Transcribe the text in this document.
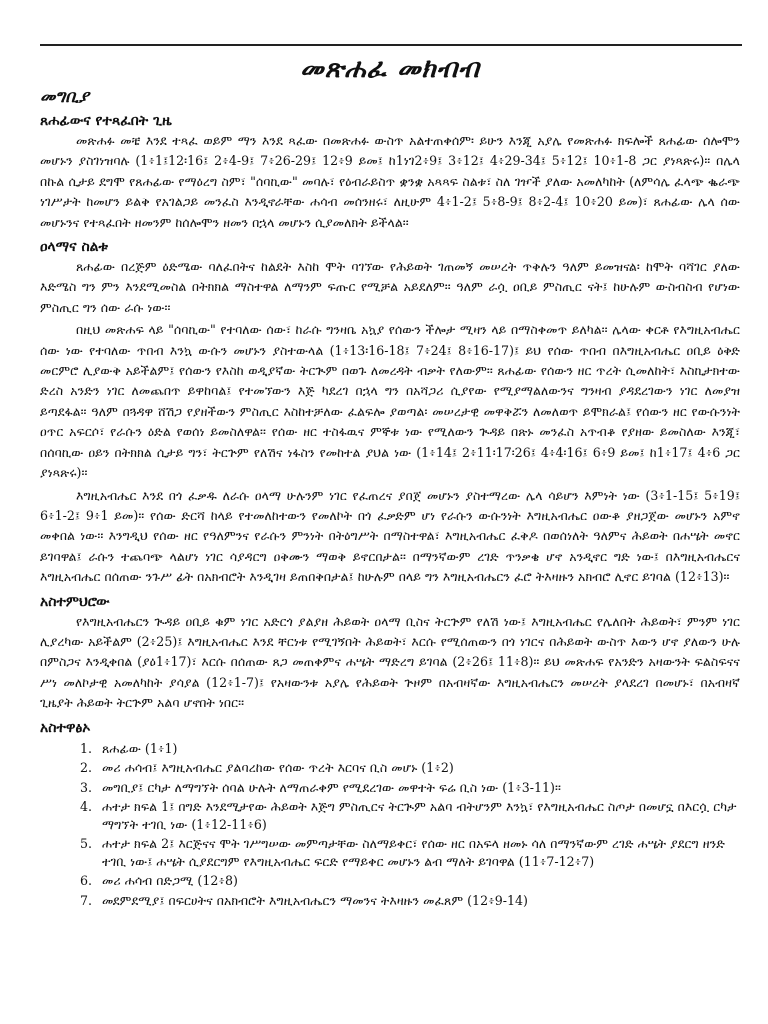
መጽሐፈ መክብብ
መግቢያ
ጸሐፊውና የተጻፈበት ጊዜ

መጽሐፉ መቼ እንደ ተጻፈ ወይም ማን እንደ ጻፈው በመጽሐፉ ውስጥ አልተጠቀሰም፡ ይሁን እንጂ አያሌ የመጽሐፉ ክፍሎች ጸሐፊው ሰሎሞን መሆኑን ያስገነዝባሉ (1፥1፤12፡16፤ 2፥4-9፤ 7፥26-29፤ 12፥9 ይመ፤ ከ1ነገ2፥9፤ 3፥12፤ 4፥29-34፤ 5፥12፤ 10፥1-8 ጋር ያነጻጽሩ)፡፡ በሌላ በኩል ሲታይ ደግሞ የጸሐፊው የማዕረግ ስም፣ "ሰባኪው" መባሉ፣ የዕብራይስጥ ቋንቋ አጻጻፍ ስልቱ፣ ስለ ገዦች ያለው አመለካከት (ለምሳሌ ፈላጭ ቈራጭ ነገሥታት ከመሆን ይልቅ የአገልጋይ መንፈስ እንዲኖራቸው ሐሳብ መሰንዘሩ፣ ለዚሁም 4፥1-2፤ 5፥8-9፤ 8፥2-4፤ 10፥20 ይመ)፣ ጸሐፊው ሌላ ሰው መሆኑንና የተጻፈበት ዘመንም ከሰሎሞን ዘመን በኋላ መሆኑን ሲያመለክት ይችላል፡፡

ዐላማና ስልቱ

ጸሐፊው በረጅም ዕድሜው ባለፈበትና ከልደት እስከ ሞት ባገኘው የሕይወት ገጠመኝ መሠረት ጥቅሉን ዓለም ይመዝናል፡ ከሞት ባሻገር ያለው እድሜስ ግን ምን እንደሚመስል በትክክል ማስተዋል ለማንም ፍጡር የሚቻል አይደለም፡፡ ዓለም ራሷ ዐቢይ ምስጢር ናት፤ ከሁሉም ውስብስብ የሆነው ምስጢር ግን ሰው ራሱ ነው፡፡

በዚህ መጽሐፍ ላይ "ሰባኪው" የተባለው ሰው፣ ከራሱ ግንዛቤ አኳያ የሰውን ችሎታ ሚዛን ላይ በማስቀመጥ ይለካል፡፡ ሌላው ቀርቶ የእግዚአብሔር ሰው ነው የተባለው ጥበብ እንኳ ውሱን መሆኑን ያስተውላል (1፥13፡16-18፤ 7፥24፤ 8፥16-17)፤ ይህ የሰው ጥበብ በእግዚአብሔር ዐቢይ ዕቅድ መርምሮ ሊያውቅ አይችልም፤ የሰውን የእስከ ወዲያኛው ትርጒም በወጉ ለመረዳት ብቃት የለውም፡፡ ጸሐፊው የሰውን ዘር ጥረት ሲመለከት፣ እስኪታክተው ድረስ አንድን ነገር ለመጨበጥ ይዋከባል፤ የተመኘውን እጅ ካደረገ በኋላ ግን በአሻጋሪ ሲያየው የሚያማልለውንና ግንዛብ ያዳደረገውን ነገር ለመያዝ ይጣደፋል፡፡ ዓለም በጓዳዋ ሸሽጋ የያዘችውን ምስጢር እስከተቻለው ፈልፍሎ ያወጣል፡ መሠረታዊ መዋቅሯን ለመለወጥ ይሞክራል፤ የሰውን ዘር የውሱንነት ዐጥር አፍርሶ፣ የራሱን ዕድል የወሰነ ይመስለዋል፡፡ የሰው ዘር ተስፋዉና ምኞቱ ነው የሚለውን ጒዳይ በጽኑ መንፈስ አጥብቆ የያዘው ይመስለው እንጂ፣ በሰባኪው ዐይን በትክክል ሲታይ ግን፣ ትርጕም የለሽና ነፋስን የመከተል ያህል ነው (1፥14፤ 2፥11፡17፡26፤ 4፥4፡16፤ 6፥9 ይመ፤ ከ1፥17፤ 4፥6 ጋር ያነጻጽሩ)፡፡

እግዚአብሔር እንደ በጎ ፈቃዱ ለራሱ ዐላማ ሁሉንም ነገር የፈጠረና ያበጀ መሆኑን ያስተማረው ሌላ ሳይሆን እምነት ነው (3፥1-15፤ 5፥19፤ 6፥1-2፤ 9፥1 ይመ)፡፡ የሰው ድርሻ ከላይ የተመለከተውን የመለኮት በጎ ፈቃድም ሆነ የራሱን ውሱንነት እግዚአብሔር ዐውቆ ያዘጋጀው መሆኑን አምኖ መቀበል ነው፡፡ እንግዲህ የሰው ዘር የዓለምንና የራሱን ምንነት በትዕግሥት በማስተዋል፣ እግዚአብሔር ፈቅዶ በወሰነለት ዓለምና ሕይወት በሐሤት መኖር ይገባዋል፤ ራሱን ተጨባጭ ላልሆነ ነገር ሳያዳርግ ዐቅሙን ማወቅ ይኖርበታል፡፡ በማንኛውም ረገድ ጥንቃቄ ሆኖ አንዲኖር ግድ ነው፤ በእግዚአብሔርና እግዚአብሔር በሰጠው ንጉሥ ፊት በአክብሮት እንዲገዛ ይጠበቅበታል፤ ከሁሉም በላይ ግን እግዚአብሔርን ፈሮ ትእዛዙን አክብሮ ሊኖር ይገባል (12፥13)፡፡

አስተምህሮው

የእግዚአብሔርን ጒዳይ ዐቢይ ቁም ነገር አድርጎ ያልያዘ ሕይወት ዐላማ ቢስና ትርጕም የለሽ ነው፤ እግዚአብሔር የሌለበት ሕይወት፣ ምንም ነገር ሊያረካው አይችልም (2፥25)፤ እግዚአብሔር እንደ ቸርነቱ የሚገኝበት ሕይወት፣ እርሱ የሚሰጠውን በጎ ነገርና በሕይወት ውስጥ እውን ሆኖ ያለውን ሁሉ በምስጋና እንዲቀበል (ያዕ1፥17)፣ እርሱ በሰጠው ጸጋ መጠቀምና ሐሤት ማድረግ ይገባል (2፥26፤ 11፥8)፡፡ ይህ መጽሐፍ የአንድን አዛውንት ፍልስፍናና ሥነ መለኮታዊ አመለካከት ያሳያል (12፥1-7)፤ የአዛውንቱ አያሌ የሕይወት ጕዞም በአብዛኛው እግዚአብሔርን መሠረት ያላደረገ በመሆኑ፣ በአብዛኛ ጊዜያት ሕይወት ትርጕም አልባ ሆኖበት ነበር፡፡

አስተዋፅኦ
1. ጸሐፊው (1፥1)
2. መሪ ሐሳብ፤ እግዚአብሔር ያልባረከው የሰው ጥረት እርባና ቢስ መሆኑ (1፥2)
3. መግቢያ፤ ርካታ ለማግኘት ሰባል ሁሉት ለማጠራቀም የሚደረገው መዋተት ፍሬ ቢስ ነው (1፥3-11)፡፡
4. ሐተታ ክፍል 1፤ በግድ እንደሚታየው ሕይወት እጅግ ምስጢርና ትርጒም አልባ ብትሆንም እንኳ፣ የእግዚአብሔር ስጦታ በመሆኗ በእርሷ ርካታ ማግኘት ተገቢ ነው (1፥12-11፥6)
5. ሐተታ ክፍል 2፤ እርጅናና ሞት ገሥግሠው መምጣታቸው ስለማይቀር፣ የሰው ዘር በአፍላ ዘመኑ ሳለ በማንኛውም ረገድ ሐሤት ያደርግ ዘንድ ተገቢ ነው፤ ሐሤት ሲያደርግም የእግዚአብሔር ፍርድ የማይቀር መሆኑን ልብ ማለት ይገባዋል (11፥7-12፥7)
6. መሪ ሐሳብ በድጋሚ (12፥8)
7. መደምደሚያ፤ በፍርሀትና በአክብሮት እግዚአብሔርን ማመንና ትእዛዙን መፈጸም (12፥9-14)
